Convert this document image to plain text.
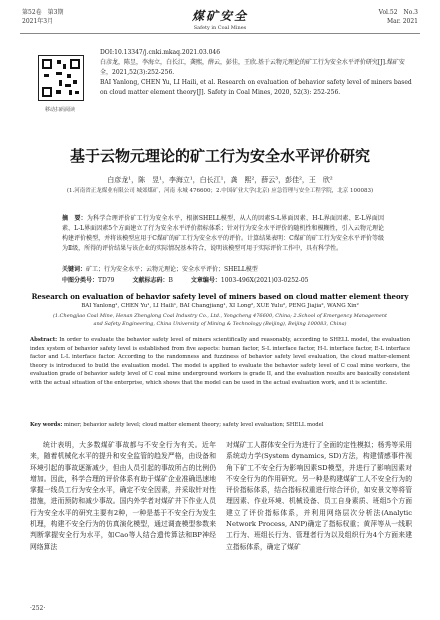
第52卷　第3期
2021年3月	煤矿安全
Safety in Coal Mines
Vol.52　No.3
Mar. 2021
移动扫码阅读
DOI:10.13347/j.cnki.mkaq.2021.03.046
白彦龙，陈昱，李海立，白长江，龚熙，薛云，彭佳，王欣.基于云物元理论的矿工行为安全水平评价研究[J].煤矿安全，2021,52(3):252-256.
BAI Yanlong, CHEN Yu, LI Haili, et al. Research on evaluation of behavior safety level of miners based on cloud matter element theory[J]. Safety in Coal Mines, 2020, 52(3): 252-256.
基于云物元理论的矿工行为安全水平评价研究
白彦龙¹，陈　昱¹，李海立¹，白长江¹，龚　熙²，薛云³，彭佳²，王　欣²
(1.河南省正龙煤业有限公司 城郊煤矿，河南 永城 476600；2.中国矿业大学(北京) 应急管理与安全工程学院，北京 100083)
摘　要：为科学合理评价矿工行为安全水平，根据SHELL模型，从人的因素S-L界面因素、H-L界面因素、E-L界面因素、L-L界面因素5个方面建立了行为安全水平评价指标体系；针对行为安全水平评价的随机性和模糊性，引入云物元理论构建评价模型，并将该模型应用于C煤矿的矿工行为安全水平的评价。计算结果表明：C煤矿的矿工行为安全水平评价等级为Ⅱ级，所得的评价结果与该企业的实际情况基本符合，说明该模型可用于实际评价工作中，具有科学性。
关键词：矿工；行为安全水平；云物元理论；安全水平评价；SHELL模型
中图分类号：TD79	文献标志码：B	文章编号：1003-496X(2021)03-0252-05
Research on evaluation of behavior safety level of miners based on cloud matter element theory
BAI Yanlong¹, CHEN Yu¹, LI Haili¹, BAI Changjiang¹, XI Long², XUE Yulu², PENG Jiajia², WANG Xin²
(1.Chengjiao Coal Mine, Henan Zhenglong Coal Industry Co., Ltd., Yongcheng 476600, China; 2.School of Emergency Management and Safety Engineering, China University of Mining & Technology (Beijing), Beijing 100083, China)
Abstract: In order to evaluate the behavior safety level of miners scientifically and reasonably, according to SHELL model, the evaluation index system of behavior safety level is established from five aspects: human factor, S-L interface factor, H-L interface factor, E-L interface factor and L-L interface factor. According to the randomness and fuzziness of behavior safety level evaluation, the cloud matter-element theory is introduced to build the evaluation model. The model is applied to evaluate the behavior safety level of C coal mine workers, the evaluation grade of behavior safety level of C coal mine underground workers is grade II, and the evaluation results are basically consistent with the actual situation of the enterprise, which shows that the model can be used in the actual evaluation work, and it is scientific.
Key words: miner; behavior safety level; cloud matter element theory; safety level evaluation; SHELL model

统计表明，大多数煤矿事故都与不安全行为有关。近年来，随着机械化水平的提升和安全监管的趋发严格，由设备和环境引起的事故逐渐减少，但由人员引起的事故所占的比例仍增加。因此，科学合理的评价体系有助于煤矿企业准确迅速地掌握一线员工行为安全水平，确定不安全因素，并采取针对性措施，进而预防和减少事故。国内外学者对煤矿井下作业人员行为安全水平的研究主要有2种，一种是基于不安全行为发生机理，构建不安全行为的仿真演化模型，通过调查模型参数来判断掌握安全行为水平，如Cao等人结合遗传算法和BP神经网络算法

对煤矿工人群体安全行为进行了全面的定性模拟；杨秀等采用系统动力学(System dynamics, SD)方法，构建情感事件视角下矿工不安全行为影响因素SD模型，并进行了影响因素对不安全行为的作用研究。另一种是构建煤矿工人不安全行为的评价指标体系，结合指标权重进行综合评价，如安景文等将管理因素、作业环境、机械设备、员工自身素质、班组5个方面建立了评价指标体系，并利用网络层次分析法(Analytic Network Process, ANP)确定了指标权重；黄萍等从一线职工行为、班组长行为、管理者行为以及组织行为4个方面来建立指标体系，确定了煤矿

·252·
